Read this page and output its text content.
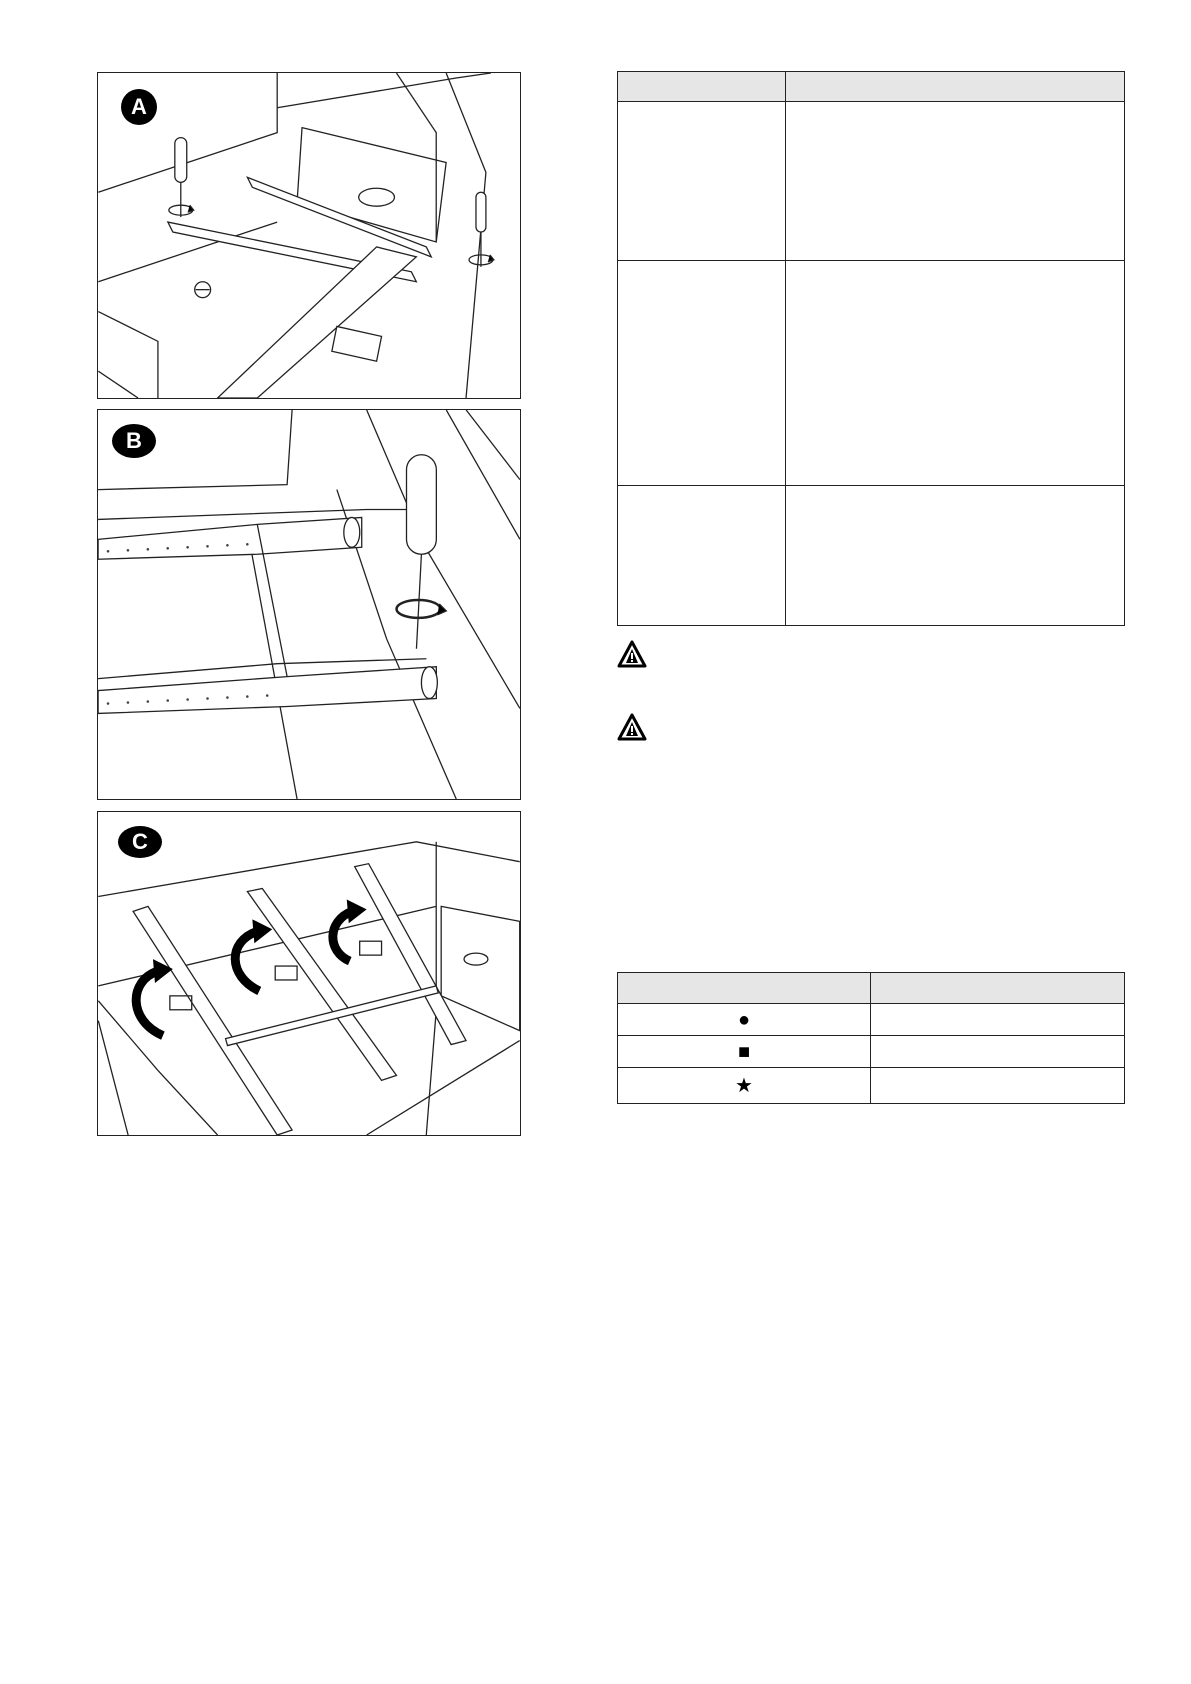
A
B
C

●	
■	
★	
